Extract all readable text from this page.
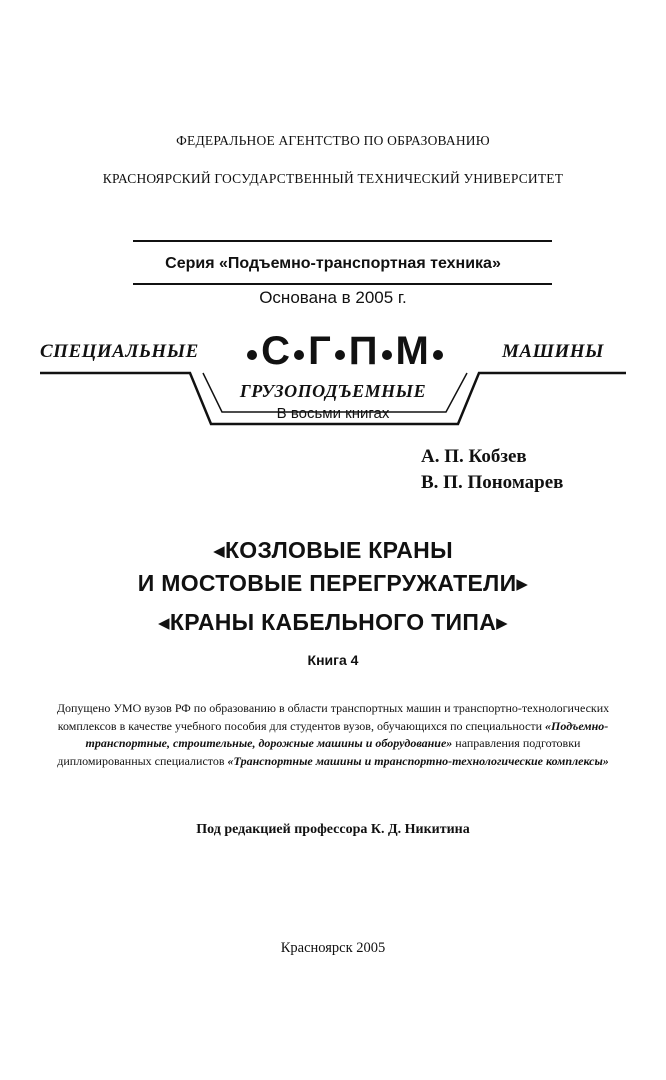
ФЕДЕРАЛЬНОЕ АГЕНТСТВО ПО ОБРАЗОВАНИЮ
КРАСНОЯРСКИЙ ГОСУДАРСТВЕННЫЙ ТЕХНИЧЕСКИЙ УНИВЕРСИТЕТ
Серия «Подъемно-транспортная техника»
Основана в 2005 г.
СПЕЦИАЛЬНЫЕ	МАШИНЫ
С Г П М
ГРУЗОПОДЪЕМНЫЕ
В восьми книгах
А. П. Кобзев
В. П. Пономарев
◂КОЗЛОВЫЕ КРАНЫ
И МОСТОВЫЕ ПЕРЕГРУЖАТЕЛИ▸
◂КРАНЫ КАБЕЛЬНОГО ТИПА▸
Книга 4
Допущено УМО вузов РФ по образованию в области транспортных машин и транспортно-технологических комплексов в качестве учебного пособия для студентов вузов, обучающихся по специальности «Подъемно-транспортные, строительные, дорожные машины и оборудование» направления подготовки дипломированных специалистов «Транспортные машины и транспортно-технологические комплексы»
Под редакцией профессора К. Д. Никитина
Красноярск 2005
